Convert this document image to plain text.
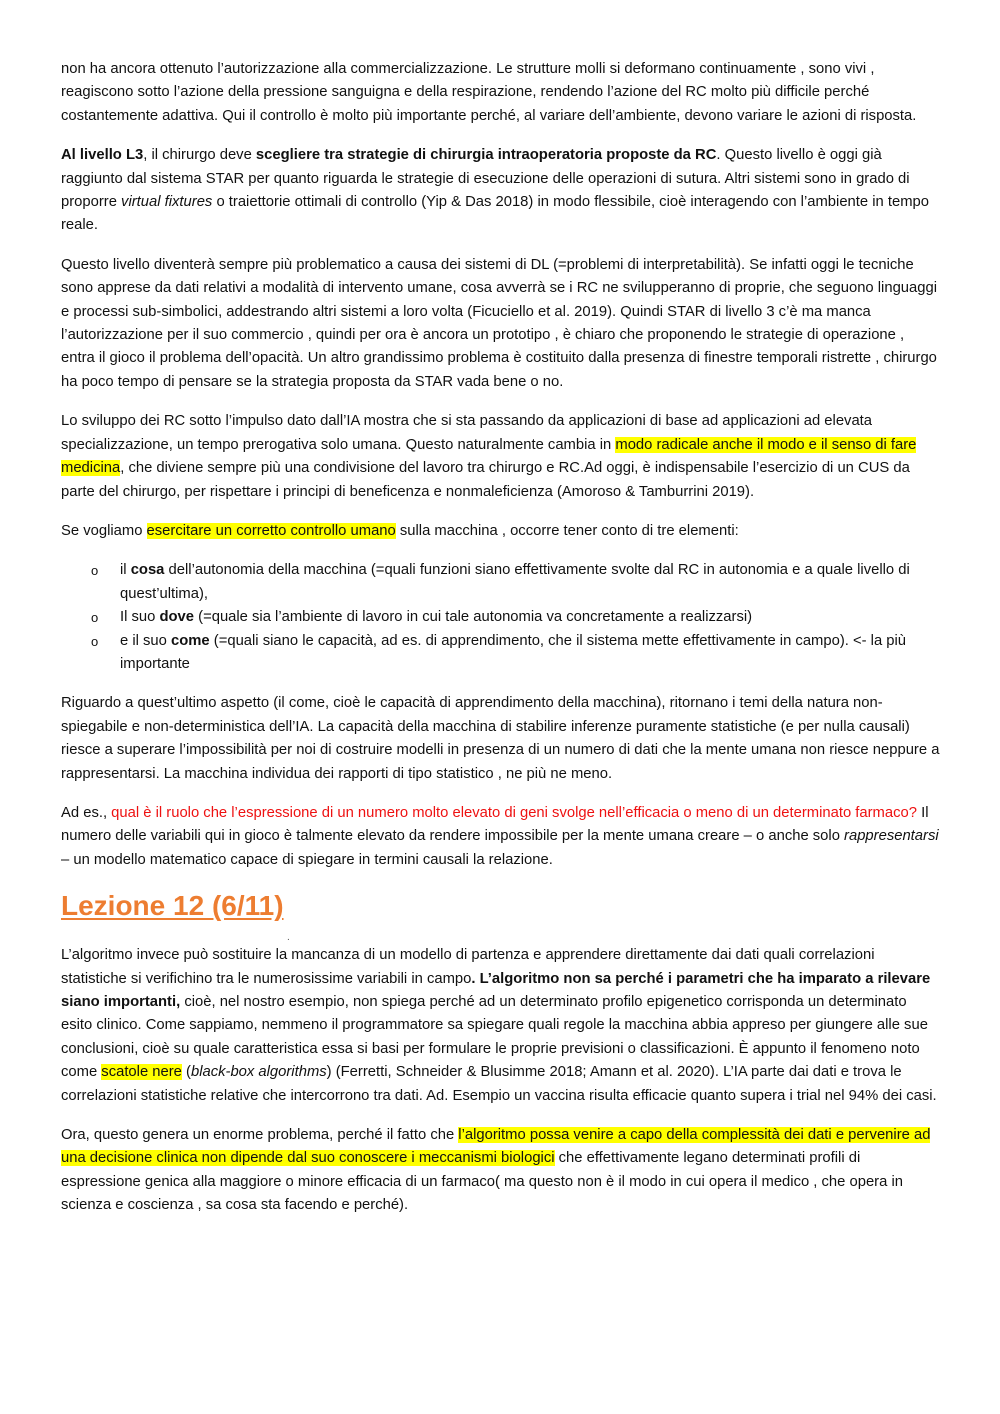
non ha ancora ottenuto l’autorizzazione alla commercializzazione. Le strutture molli si deformano continuamente , sono vivi , reagiscono sotto l’azione della pressione sanguigna e della respirazione, rendendo l’azione del RC molto più difficile perché costantemente adattiva. Qui il controllo è molto più importante perché, al variare dell’ambiente, devono variare le azioni di risposta.

Al livello L3, il chirurgo deve scegliere tra strategie di chirurgia intraoperatoria proposte da RC. Questo livello è oggi già raggiunto dal sistema STAR per quanto riguarda le strategie di esecuzione delle operazioni di sutura. Altri sistemi sono in grado di proporre virtual fixtures o traiettorie ottimali di controllo (Yip & Das 2018) in modo flessibile, cioè interagendo con l’ambiente in tempo reale.

Questo livello diventerà sempre più problematico a causa dei sistemi di DL (=problemi di interpretabilità). Se infatti oggi le tecniche sono apprese da dati relativi a modalità di intervento umane, cosa avverrà se i RC ne svilupperanno di proprie, che seguono linguaggi e processi sub-simbolici, addestrando altri sistemi a loro volta (Ficuciello et al. 2019). Quindi STAR di livello 3 c’è ma manca l’autorizzazione per il suo commercio , quindi per ora è ancora un prototipo , è chiaro che proponendo le strategie di operazione , entra il gioco il problema dell’opacità. Un altro grandissimo problema è costituito dalla presenza di finestre temporali ristrette , chirurgo ha poco tempo di pensare se la strategia proposta da STAR vada bene o no.

Lo sviluppo dei RC sotto l’impulso dato dall’IA mostra che si sta passando da applicazioni di base ad applicazioni ad elevata specializzazione, un tempo prerogativa solo umana. Questo naturalmente cambia in modo radicale anche il modo e il senso di fare medicina, che diviene sempre più una condivisione del lavoro tra chirurgo e RC.Ad oggi, è indispensabile l’esercizio di un CUS da parte del chirurgo, per rispettare i principi di beneficenza e nonmaleficienza (Amoroso & Tamburrini 2019).

Se vogliamo esercitare un corretto controllo umano sulla macchina , occorre tener conto di tre elementi:

o il cosa dell’autonomia della macchina (=quali funzioni siano effettivamente svolte dal RC in autonomia e a quale livello di quest’ultima),
o Il suo dove (=quale sia l’ambiente di lavoro in cui tale autonomia va concretamente a realizzarsi)
o e il suo come (=quali siano le capacità, ad es. di apprendimento, che il sistema mette effettivamente in campo). <- la più importante

Riguardo a quest’ultimo aspetto (il come, cioè le capacità di apprendimento della macchina), ritornano i temi della natura non-spiegabile e non-deterministica dell’IA. La capacità della macchina di stabilire inferenze puramente statistiche (e per nulla causali) riesce a superare l’impossibilità per noi di costruire modelli in presenza di un numero di dati che la mente umana non riesce neppure a rappresentarsi. La macchina individua dei rapporti di tipo statistico , ne più ne meno.

Ad es., qual è il ruolo che l’espressione di un numero molto elevato di geni svolge nell’efficacia o meno di un determinato farmaco? Il numero delle variabili qui in gioco è talmente elevato da rendere impossibile per la mente umana creare – o anche solo rappresentarsi – un modello matematico capace di spiegare in termini causali la relazione.

Lezione 12 (6/11)
.

L’algoritmo invece può sostituire la mancanza di un modello di partenza e apprendere direttamente dai dati quali correlazioni statistiche si verifichino tra le numerosissime variabili in campo. L’algoritmo non sa perché i parametri che ha imparato a rilevare siano importanti, cioè, nel nostro esempio, non spiega perché ad un determinato profilo epigenetico corrisponda un determinato esito clinico. Come sappiamo, nemmeno il programmatore sa spiegare quali regole la macchina abbia appreso per giungere alle sue conclusioni, cioè su quale caratteristica essa si basi per formulare le proprie previsioni o classificazioni. È appunto il fenomeno noto come scatole nere (black-box algorithms) (Ferretti, Schneider & Blusimme 2018; Amann et al. 2020). L’IA parte dai dati e trova le correlazioni statistiche relative che intercorrono tra dati. Ad. Esempio un vaccina risulta efficacie quanto supera i trial nel 94% dei casi.

Ora, questo genera un enorme problema, perché il fatto che l’algoritmo possa venire a capo della complessità dei dati e pervenire ad una decisione clinica non dipende dal suo conoscere i meccanismi biologici che effettivamente legano determinati profili di espressione genica alla maggiore o minore efficacia di un farmaco( ma questo non è il modo in cui opera il medico , che opera in scienza e coscienza , sa cosa sta facendo e perché).
